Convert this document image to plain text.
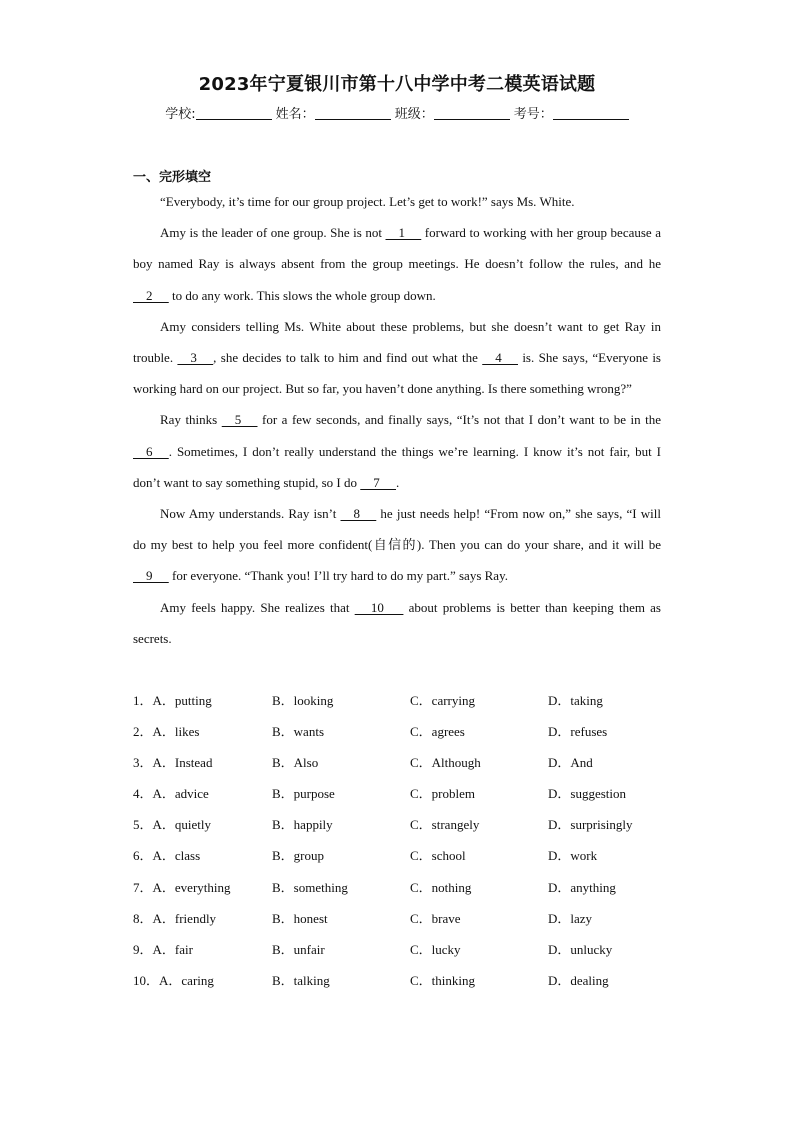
2023年宁夏银川市第十八中学中考二模英语试题
学校:	姓名：	班级：	考号：
一、完形填空

“Everybody, it’s time for our group project. Let’s get to work!” says Ms. White.

Amy is the leader of one group. She is not     1      forward to working with her group because a boy named Ray is always absent from the group meetings. He doesn’t follow the rules, and he     2      to do any work. This slows the whole group down.

Amy considers telling Ms. White about these problems, but she doesn’t want to get Ray in trouble.     3     , she decides to talk to him and find out what the     4      is. She says, “Everyone is working hard on our project. But so far, you haven’t done anything. Is there something wrong?”

Ray thinks     5      for a few seconds, and finally says, “It’s not that I don’t want to be in the     6     . Sometimes, I don’t really understand the things we’re learning. I know it’s not fair, but I don’t want to say something stupid, so I do     7     .

Now Amy understands. Ray isn’t     8      he just needs help! “From now on,” she says, “I will do my best to help you feel more confident(自信的). Then you can do your share, and it will be     9      for everyone. “Thank you! I’ll try hard to do my part.” says Ray.

Amy feels happy. She realizes that      10       about problems is better than keeping them as secrets.

1．A．putting	B．looking	C．carrying	D．taking
2．A．likes	B．wants	C．agrees	D．refuses
3．A．Instead	B．Also	C．Although	D．And
4．A．advice	B．purpose	C．problem	D．suggestion
5．A．quietly	B．happily	C．strangely	D．surprisingly
6．A．class	B．group	C．school	D．work
7．A．everything	B．something	C．nothing	D．anything
8．A．friendly	B．honest	C．brave	D．lazy
9．A．fair	B．unfair	C．lucky	D．unlucky
10．A．caring	B．talking	C．thinking	D．dealing
